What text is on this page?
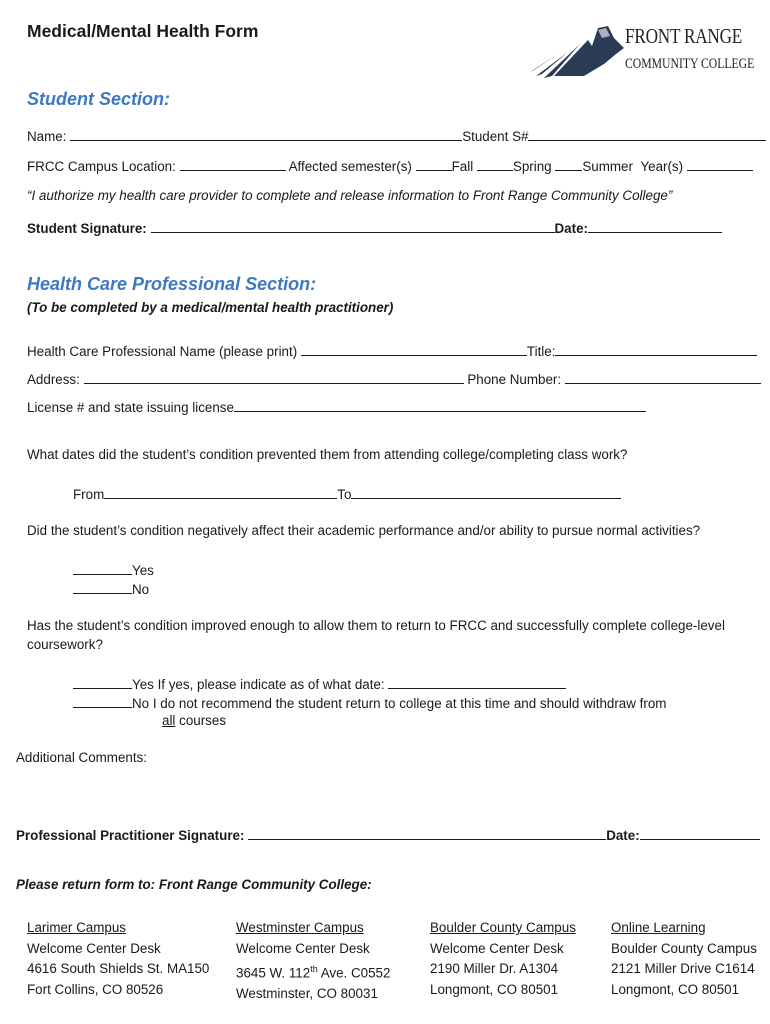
Medical/Mental Health Form	FRONT RANGE
COMMUNITY COLLEGE
Student Section:
Name:	Student S#
FRCC Campus Location:	Affected semester(s)	Fall	Spring Summer Year(s)
“I authorize my health care provider to complete and release information to Front Range Community College”
Student Signature:	Date:
Health Care Professional Section:
(To be completed by a medical/mental health practitioner)
Health Care Professional Name (please print)	Title:
Address:	Phone Number:
License # and state issuing license
What dates did the student’s condition prevented them from attending college/completing class work?
From	To
Did the student’s condition negatively affect their academic performance and/or ability to pursue normal activities?
Yes
No
Has the student’s condition improved enough to allow them to return to FRCC and successfully complete college-level
coursework?
Yes If yes, please indicate as of what date:
No I do not recommend the student return to college at this time and should withdraw from
all courses
Additional Comments:
Professional Practitioner Signature:	Date:
Please return form to: Front Range Community College:
Larimer Campus
Welcome Center Desk
4616 South Shields St. MA150
Fort Collins, CO 80526
Westminster Campus
Welcome Center Desk
3645 W. 112th Ave. C0552
Westminster, CO 80031
Boulder County Campus
Welcome Center Desk
2190 Miller Dr. A1304
Longmont, CO 80501
Online Learning
Boulder County Campus
2121 Miller Drive C1614
Longmont, CO 80501
